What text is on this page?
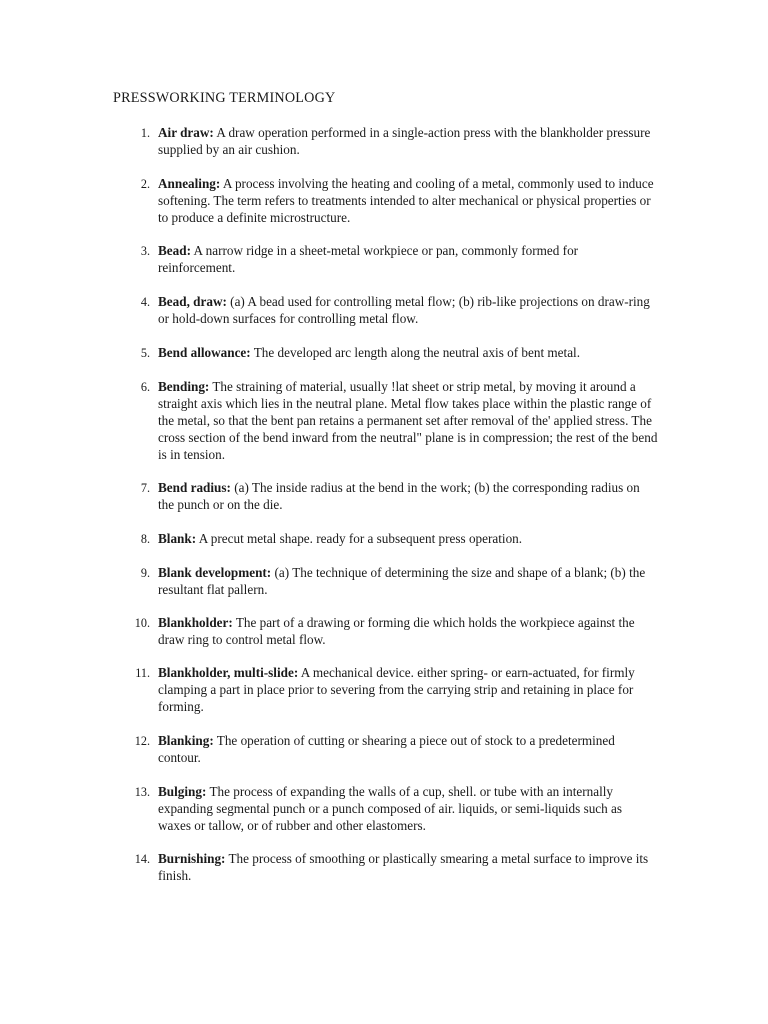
PRESSWORKING TERMINOLOGY
1. Air draw: A draw operation performed in a single-action press with the blankholder pressure supplied by an air cushion.

2. Annealing: A process involving the heating and cooling of a metal, commonly used to induce softening. The term refers to treatments intended to alter mechanical or physical properties or to produce a definite microstructure.

3. Bead: A narrow ridge in a sheet-metal workpiece or pan, commonly formed for reinforcement.

4. Bead, draw: (a) A bead used for controlling metal flow; (b) rib-like projections on draw-ring or hold-down surfaces for controlling metal flow.

5. Bend allowance: The developed arc length along the neutral axis of bent metal.

6. Bending: The straining of material, usually !lat sheet or strip metal, by moving it around a straight axis which lies in the neutral plane. Metal flow takes place within the plastic range of the metal, so that the bent pan retains a permanent set after removal of the' applied stress. The cross section of the bend inward from the neutral" plane is in compression; the rest of the bend is in tension.

7. Bend radius: (a) The inside radius at the bend in the work; (b) the corresponding radius on the punch or on the die.

8. Blank: A precut metal shape. ready for a subsequent press operation.

9. Blank development: (a) The technique of determining the size and shape of a blank; (b) the resultant flat pallern.

10. Blankholder: The part of a drawing or forming die which holds the workpiece against the draw ring to control metal flow.

11. Blankholder, multi-slide: A mechanical device. either spring- or earn-actuated, for firmly clamping a part in place prior to severing from the carrying strip and retaining in place for forming.

12. Blanking: The operation of cutting or shearing a piece out of stock to a predetermined contour.

13. Bulging: The process of expanding the walls of a cup, shell. or tube with an internally expanding segmental punch or a punch composed of air. liquids, or semi-liquids such as waxes or tallow, or of rubber and other elastomers.

14. Burnishing: The process of smoothing or plastically smearing a metal surface to improve its finish.
